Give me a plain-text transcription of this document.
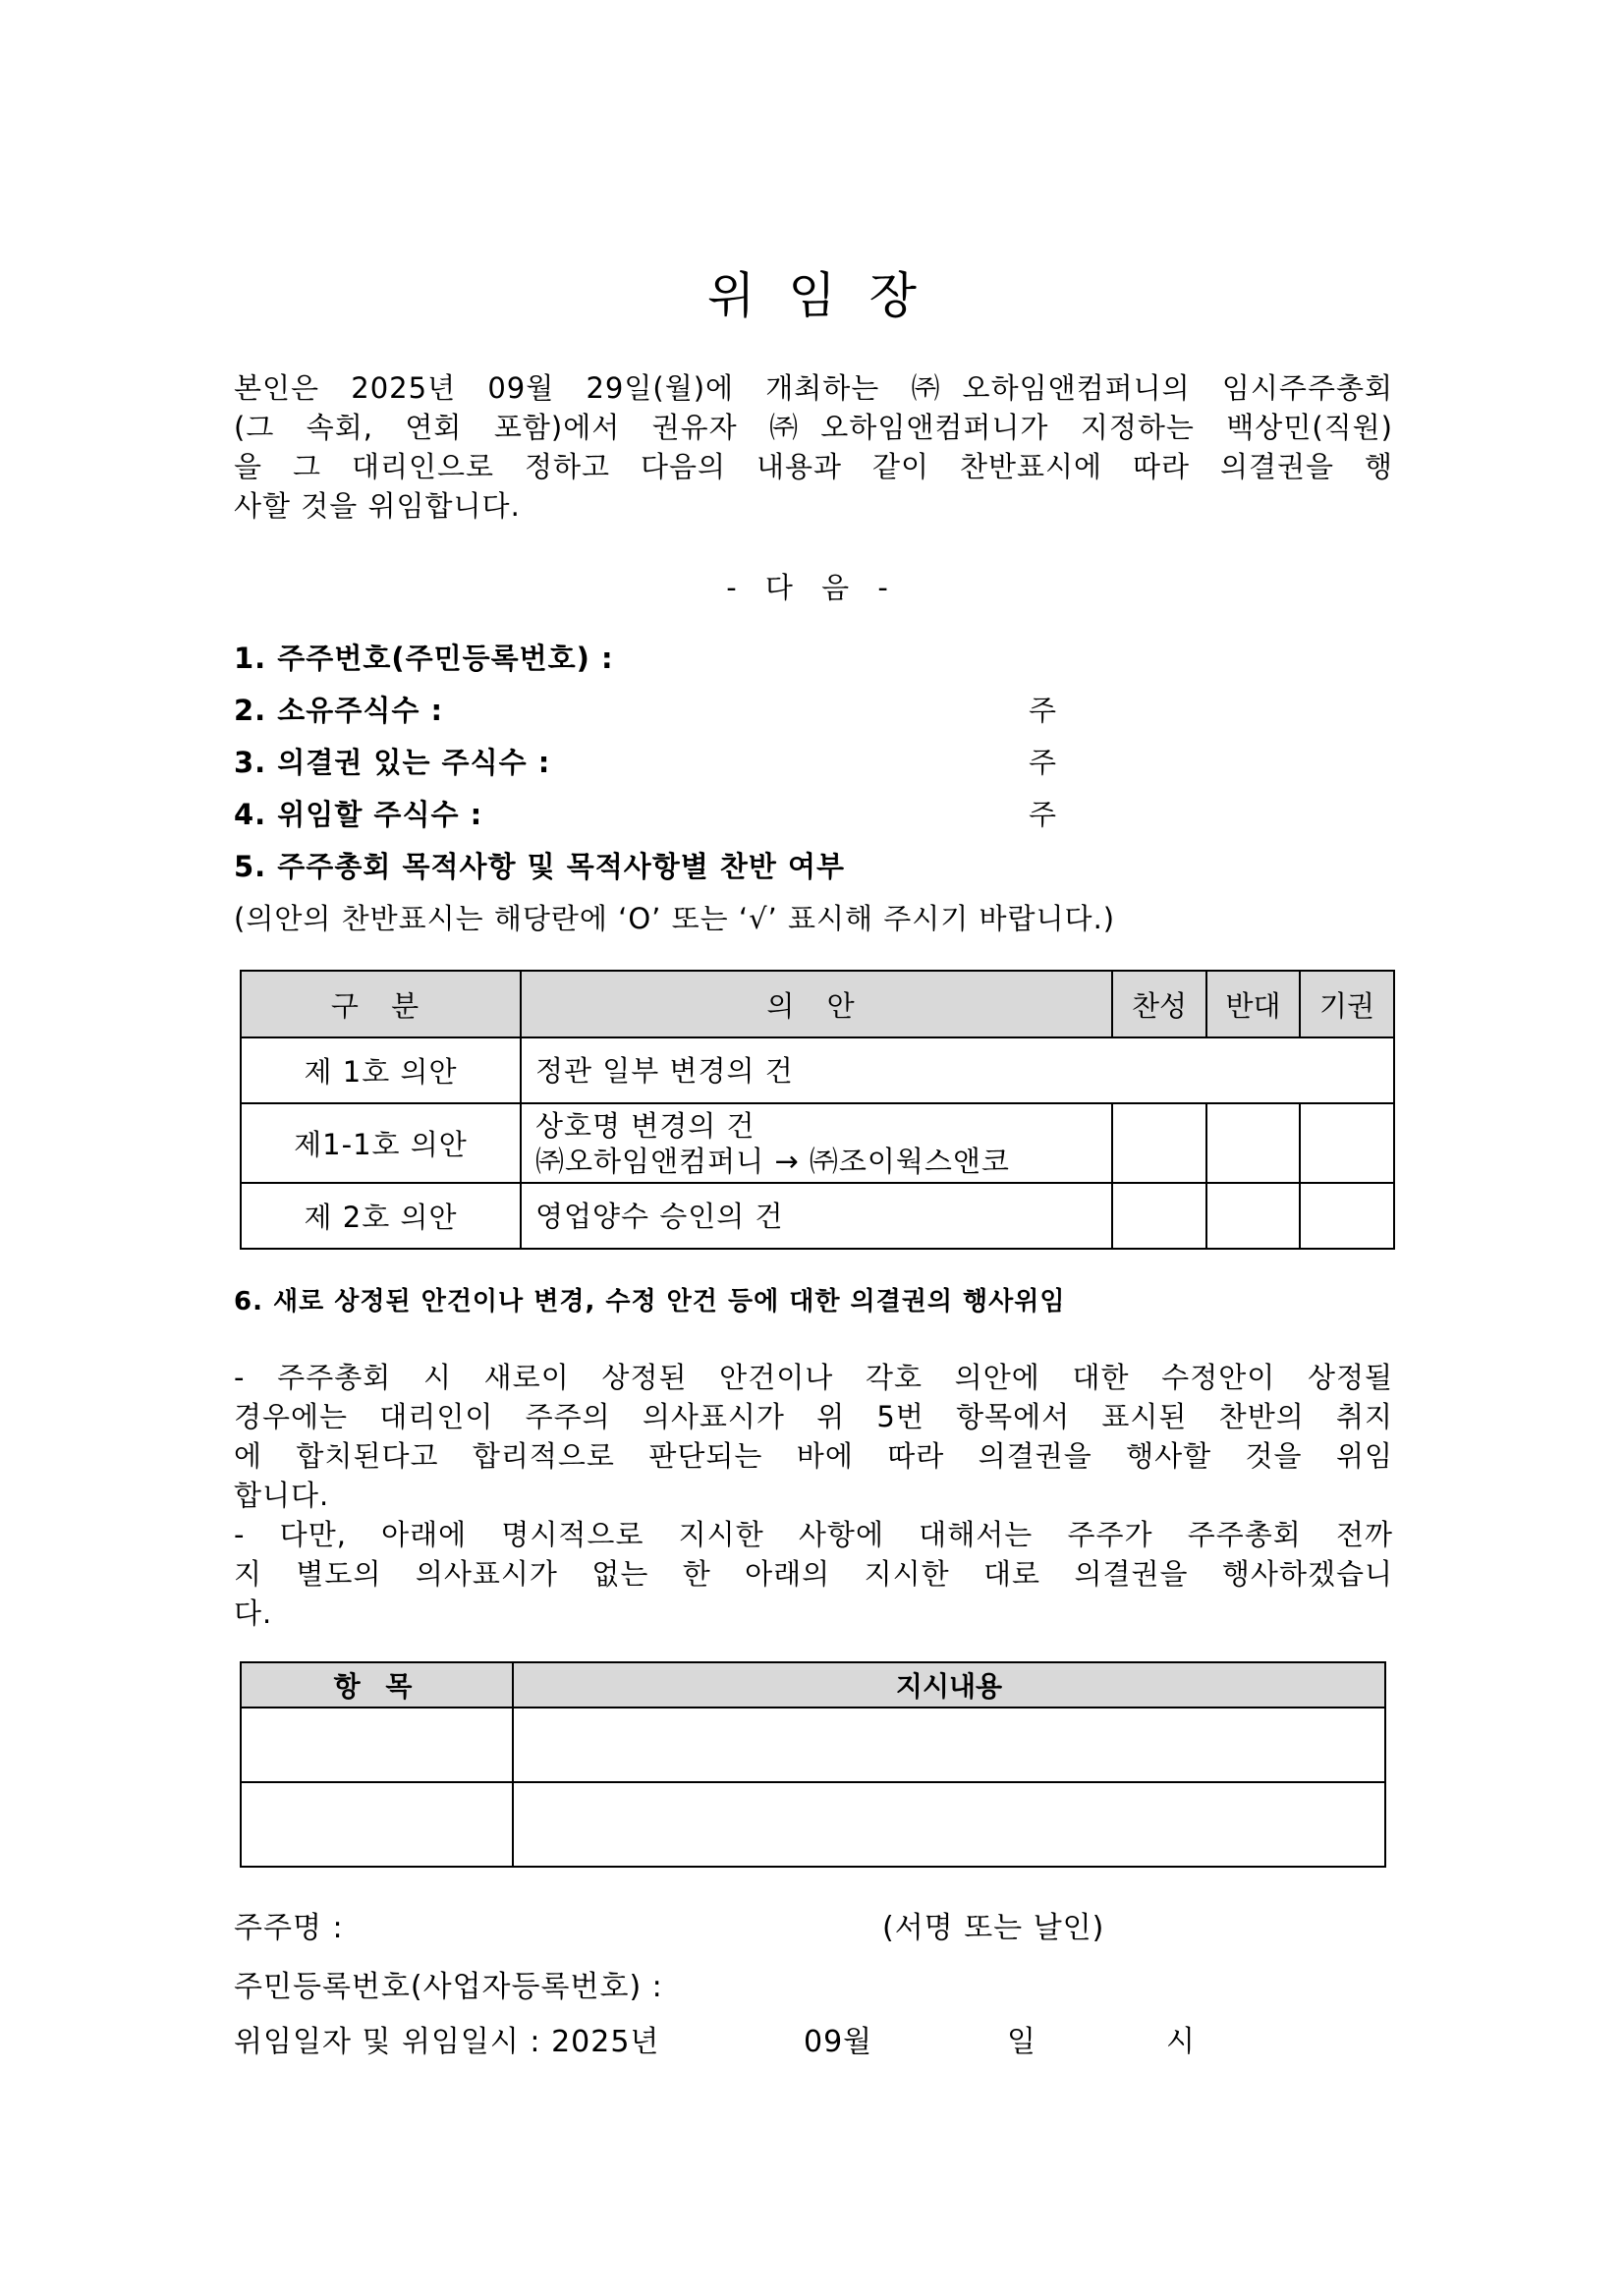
위임장
본인은 2025년 09월 29일(월)에 개최하는 ㈜오하임앤컴퍼니의 임시주주총회
(그 속회, 연회 포함)에서 권유자 ㈜오하임앤컴퍼니가 지정하는 백상민(직원)
을 그 대리인으로 정하고 다음의 내용과 같이 찬반표시에 따라 의결권을 행
사할 것을 위임합니다.
- 다 음 -
1. 주주번호(주민등록번호) :
2. 소유주식수 :	주
3. 의결권 있는 주식수 :	주
4. 위임할 주식수 :	주
5. 주주총회 목적사항 및 목적사항별 찬반 여부
(의안의 찬반표시는 해당란에 ‘O’ 또는 ‘√’ 표시해 주시기 바랍니다.)
구 분	의 안	찬성	반대	기권
제 1호 의안	정관 일부 변경의 건			
제1-1호 의안	상호명 변경의 건
㈜오하임앤컴퍼니 → ㈜조이웍스앤코			

제 2호 의안	영업양수 승인의 건			
6. 새로 상정된 안건이나 변경, 수정 안건 등에 대한 의결권의 행사위임
- 주주총회 시 새로이 상정된 안건이나 각호 의안에 대한 수정안이 상정될
경우에는 대리인이 주주의 의사표시가 위 5번 항목에서 표시된 찬반의 취지
에 합치된다고 합리적으로 판단되는 바에 따라 의결권을 행사할 것을 위임
합니다.
- 다만, 아래에 명시적으로 지시한 사항에 대해서는 주주가 주주총회 전까
지 별도의 의사표시가 없는 한 아래의 지시한 대로 의결권을 행사하겠습니
다.
항 목	지시내용

주주명 :	(서명 또는 날인)
주민등록번호(사업자등록번호) :
위임일자 및 위임일시 : 2025년	09월	일	시
